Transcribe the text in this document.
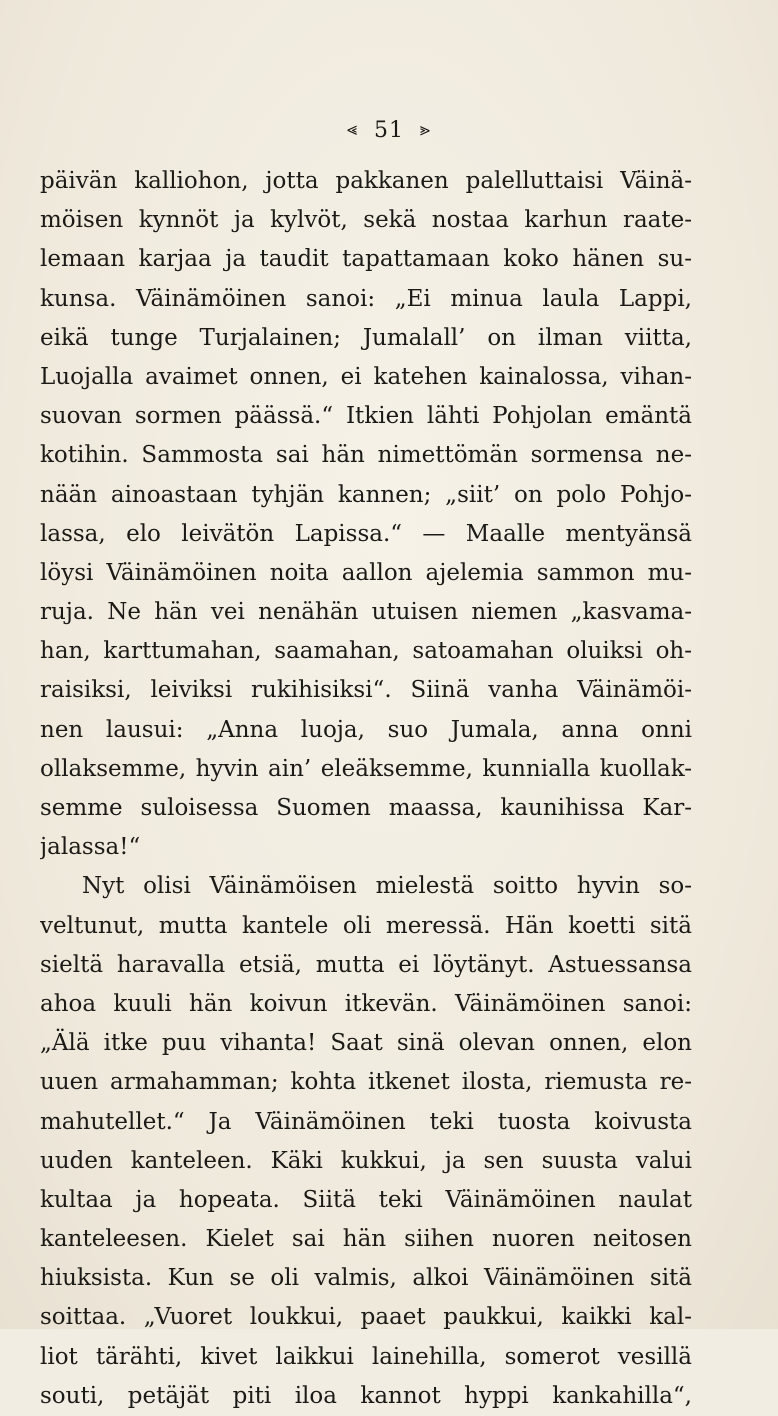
⪡ 51 ⪢
päivän kalliohon, jotta pakkanen palelluttaisi Väinä-
möisen kynnöt ja kylvöt, sekä nostaa karhun raate-
lemaan karjaa ja taudit tapattamaan koko hänen su-
kunsa. Väinämöinen sanoi: „Ei minua laula Lappi,
eikä tunge Turjalainen; Jumalall’ on ilman viitta,
Luojalla avaimet onnen, ei katehen kainalossa, vihan-
suovan sormen päässä.“ Itkien lähti Pohjolan emäntä
kotihin. Sammosta sai hän nimettömän sormensa ne-
nään ainoastaan tyhjän kannen; „siit’ on polo Pohjo-
lassa, elo leivätön Lapissa.“ — Maalle mentyänsä
löysi Väinämöinen noita aallon ajelemia sammon mu-
ruja. Ne hän vei nenähän utuisen niemen „kasvama-
han, karttumahan, saamahan, satoamahan oluiksi oh-
raisiksi, leiviksi rukihisiksi“. Siinä vanha Väinämöi-
nen lausui: „Anna luoja, suo Jumala, anna onni
ollaksemme, hyvin ain’ eleäksemme, kunnialla kuollak-
semme suloisessa Suomen maassa, kaunihissa Kar-
jalassa!“
Nyt olisi Väinämöisen mielestä soitto hyvin so-
veltunut, mutta kantele oli meressä. Hän koetti sitä
sieltä haravalla etsiä, mutta ei löytänyt. Astuessansa
ahoa kuuli hän koivun itkevän. Väinämöinen sanoi:
„Älä itke puu vihanta! Saat sinä olevan onnen, elon
uuen armahamman; kohta itkenet ilosta, riemusta re-
mahutellet.“ Ja Väinämöinen teki tuosta koivusta
uuden kanteleen. Käki kukkui, ja sen suusta valui
kultaa ja hopeata. Siitä teki Väinämöinen naulat
kanteleesen. Kielet sai hän siihen nuoren neitosen
hiuksista. Kun se oli valmis, alkoi Väinämöinen sitä
soittaa. „Vuoret loukkui, paaet paukkui, kaikki kal-
liot tärähti, kivet laikkui lainehilla, somerot vesillä
souti, petäjät piti iloa kannot hyppi kankahilla“,
